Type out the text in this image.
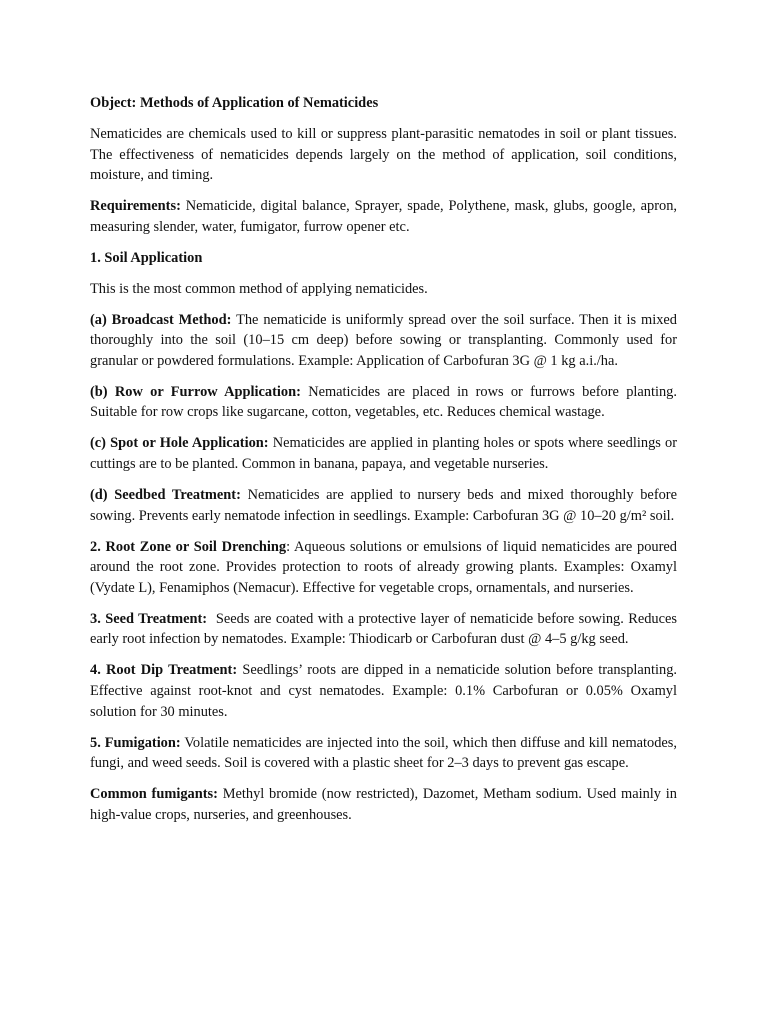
Object: Methods of Application of Nematicides

Nematicides are chemicals used to kill or suppress plant-parasitic nematodes in soil or plant tissues. The effectiveness of nematicides depends largely on the method of application, soil conditions, moisture, and timing.

Requirements: Nematicide, digital balance, Sprayer, spade, Polythene, mask, glubs, google, apron, measuring slender, water, fumigator, furrow opener etc.

1. Soil Application

This is the most common method of applying nematicides.

(a) Broadcast Method: The nematicide is uniformly spread over the soil surface. Then it is mixed thoroughly into the soil (10–15 cm deep) before sowing or transplanting. Commonly used for granular or powdered formulations. Example: Application of Carbofuran 3G @ 1 kg a.i./ha.

(b) Row or Furrow Application: Nematicides are placed in rows or furrows before planting. Suitable for row crops like sugarcane, cotton, vegetables, etc. Reduces chemical wastage.

(c) Spot or Hole Application: Nematicides are applied in planting holes or spots where seedlings or cuttings are to be planted. Common in banana, papaya, and vegetable nurseries.

(d) Seedbed Treatment: Nematicides are applied to nursery beds and mixed thoroughly before sowing. Prevents early nematode infection in seedlings. Example: Carbofuran 3G @ 10–20 g/m² soil.

2. Root Zone or Soil Drenching: Aqueous solutions or emulsions of liquid nematicides are poured around the root zone. Provides protection to roots of already growing plants. Examples: Oxamyl (Vydate L), Fenamiphos (Nemacur). Effective for vegetable crops, ornamentals, and nurseries.

3. Seed Treatment:  Seeds are coated with a protective layer of nematicide before sowing. Reduces early root infection by nematodes. Example: Thiodicarb or Carbofuran dust @ 4–5 g/kg seed.

4. Root Dip Treatment: Seedlings’ roots are dipped in a nematicide solution before transplanting. Effective against root-knot and cyst nematodes. Example: 0.1% Carbofuran or 0.05% Oxamyl solution for 30 minutes.

5. Fumigation: Volatile nematicides are injected into the soil, which then diffuse and kill nematodes, fungi, and weed seeds. Soil is covered with a plastic sheet for 2–3 days to prevent gas escape.

Common fumigants: Methyl bromide (now restricted), Dazomet, Metham sodium. Used mainly in high-value crops, nurseries, and greenhouses.
